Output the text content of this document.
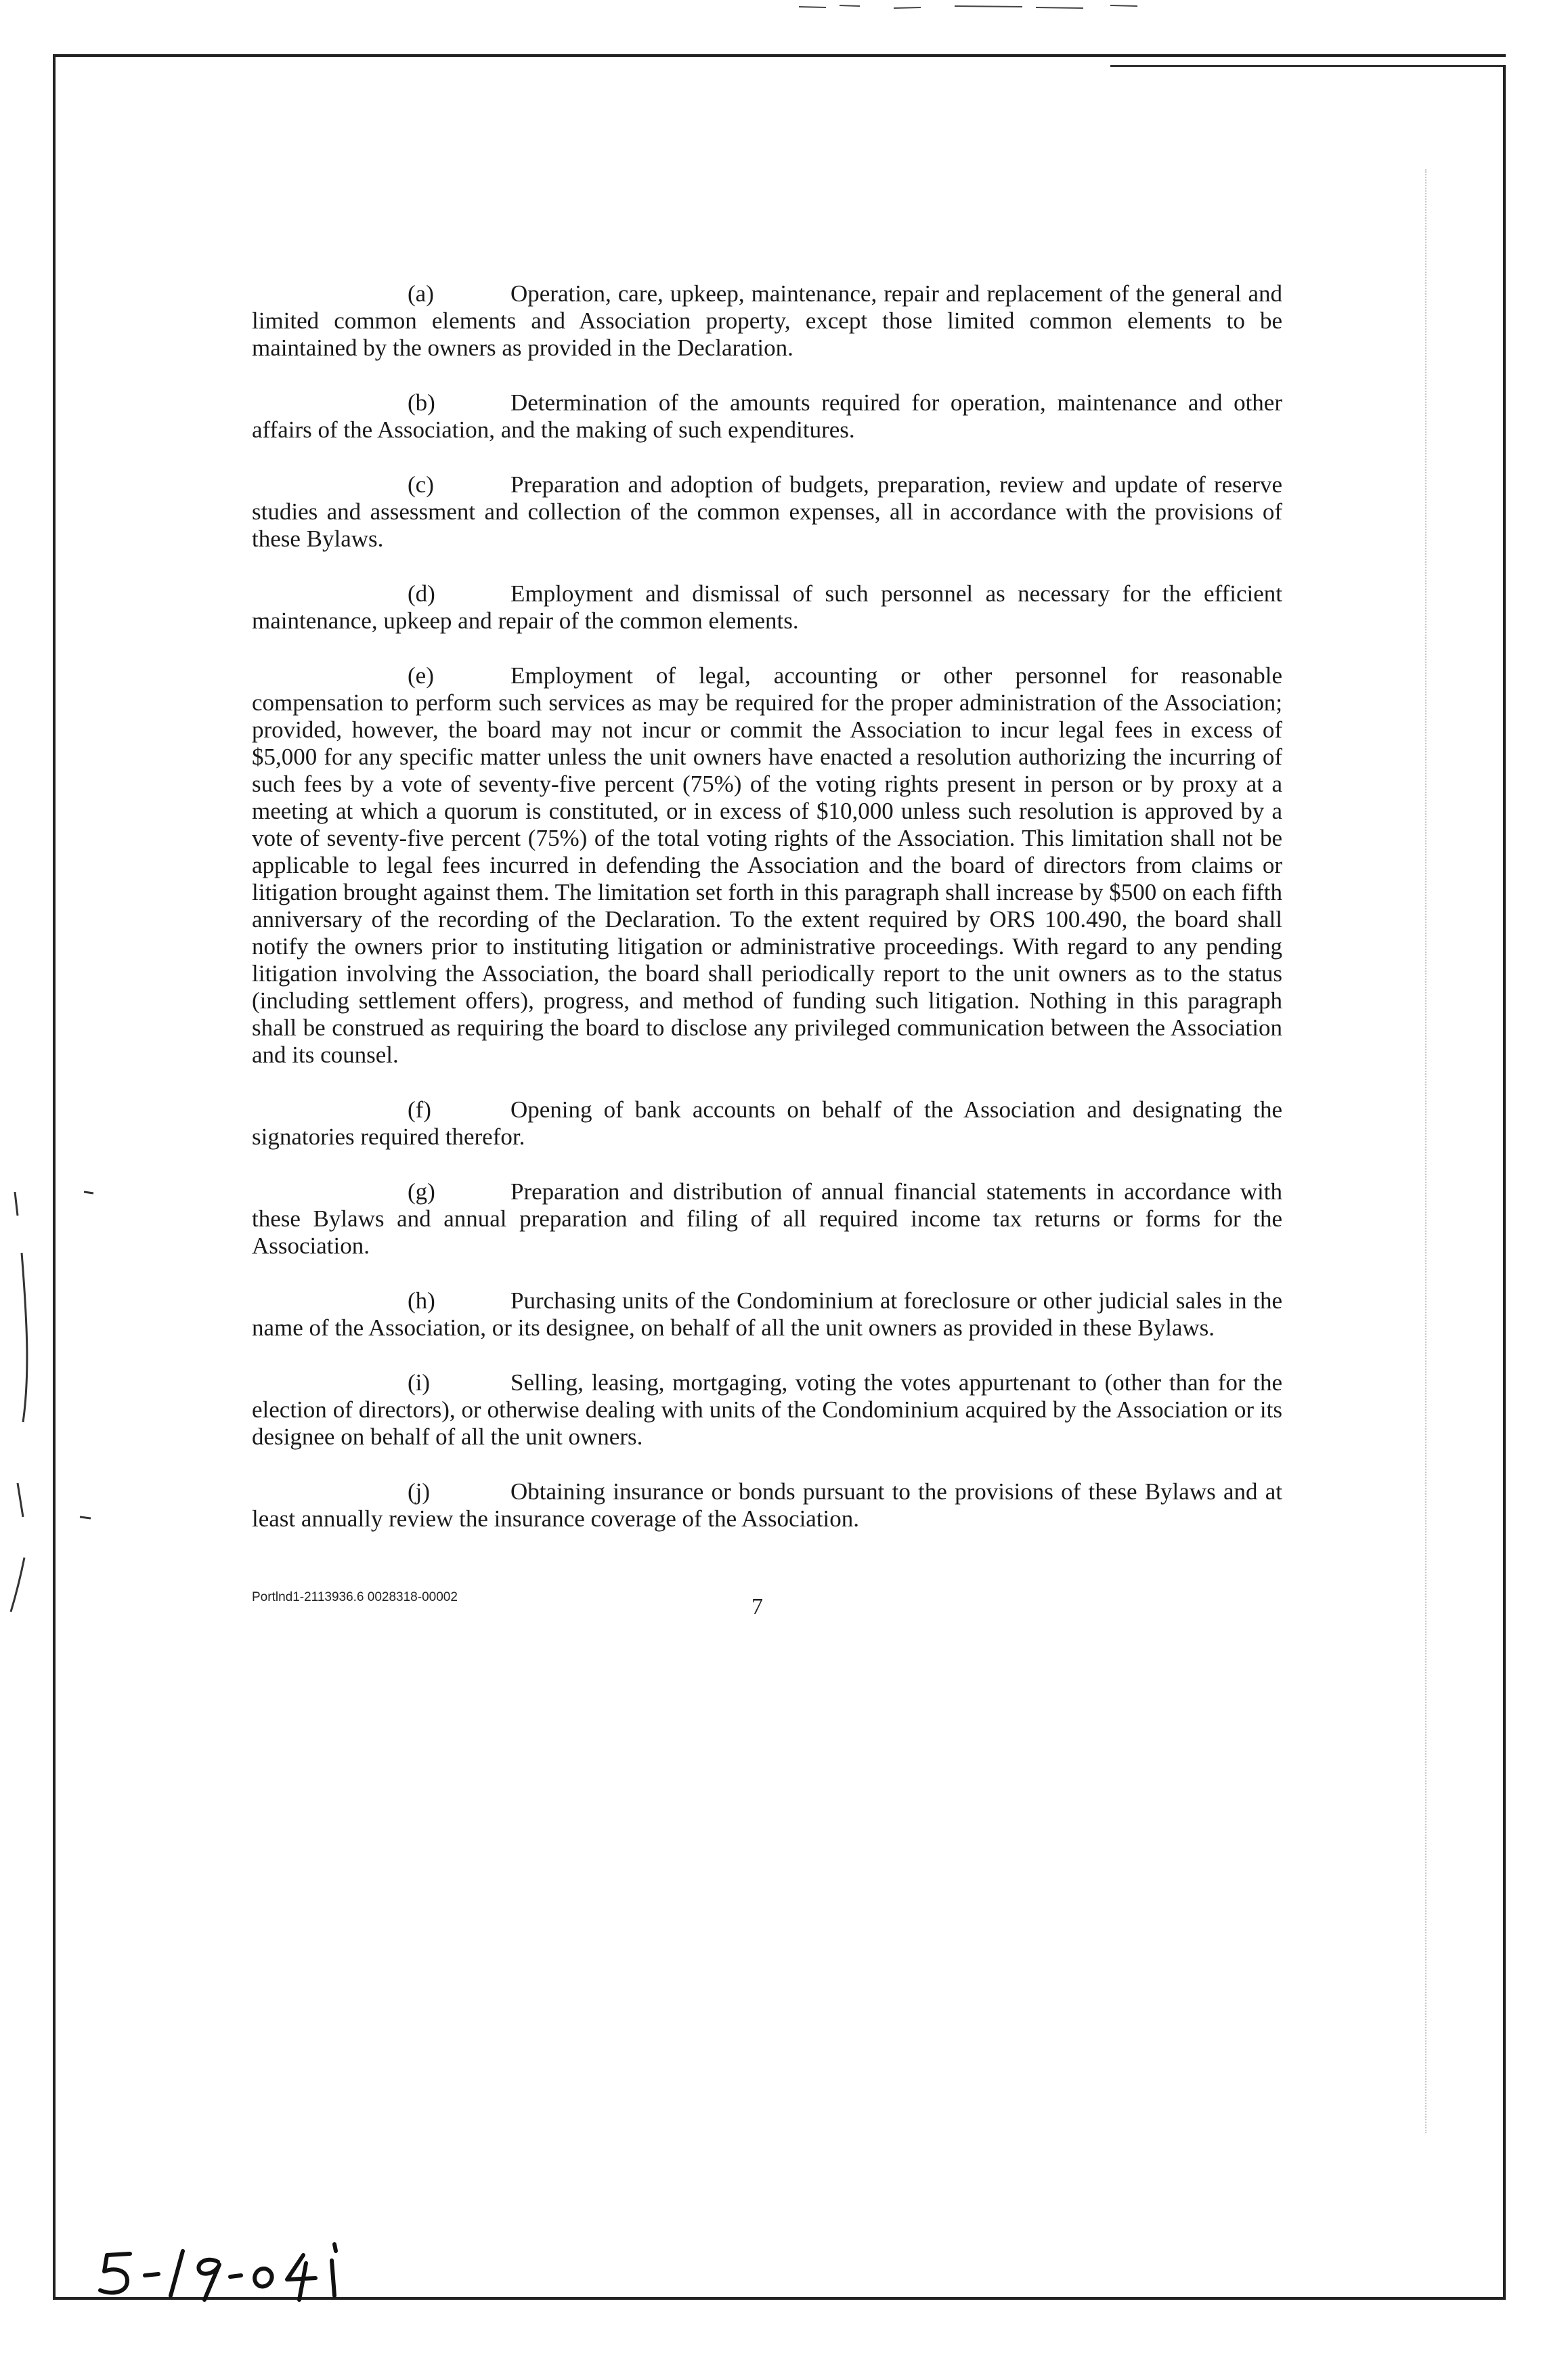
(a)	Operation, care, upkeep, maintenance, repair and replacement of the general and limited common elements and Association property, except those limited common elements to be maintained by the owners as provided in the Declaration.

(b)	Determination of the amounts required for operation, maintenance and other affairs of the Association, and the making of such expenditures.

(c)	Preparation and adoption of budgets, preparation, review and update of reserve studies and assessment and collection of the common expenses, all in accordance with the provisions of these Bylaws.

(d)	Employment and dismissal of such personnel as necessary for the efficient maintenance, upkeep and repair of the common elements.

(e)	Employment of legal, accounting or other personnel for reasonable compensation to perform such services as may be required for the proper administration of the Association; provided, however, the board may not incur or commit the Association to incur legal fees in excess of $5,000 for any specific matter unless the unit owners have enacted a resolution authorizing the incurring of such fees by a vote of seventy-five percent (75%) of the voting rights present in person or by proxy at a meeting at which a quorum is constituted, or in excess of $10,000 unless such resolution is approved by a vote of seventy-five percent (75%) of the total voting rights of the Association. This limitation shall not be applicable to legal fees incurred in defending the Association and the board of directors from claims or litigation brought against them. The limitation set forth in this paragraph shall increase by $500 on each fifth anniversary of the recording of the Declaration. To the extent required by ORS 100.490, the board shall notify the owners prior to instituting litigation or administrative proceedings. With regard to any pending litigation involving the Association, the board shall periodically report to the unit owners as to the status (including settlement offers), progress, and method of funding such litigation. Nothing in this paragraph shall be construed as requiring the board to disclose any privileged communication between the Association and its counsel.

(f)	Opening of bank accounts on behalf of the Association and designating the signatories required therefor.

(g)	Preparation and distribution of annual financial statements in accordance with these Bylaws and annual preparation and filing of all required income tax returns or forms for the Association.

(h)	Purchasing units of the Condominium at foreclosure or other judicial sales in the name of the Association, or its designee, on behalf of all the unit owners as provided in these Bylaws.

(i)	Selling, leasing, mortgaging, voting the votes appurtenant to (other than for the election of directors), or otherwise dealing with units of the Condominium acquired by the Association or its designee on behalf of all the unit owners.

(j)	Obtaining insurance or bonds pursuant to the provisions of these Bylaws and at least annually review the insurance coverage of the Association.

Portlnd1-2113936.6 0028318-00002	7
